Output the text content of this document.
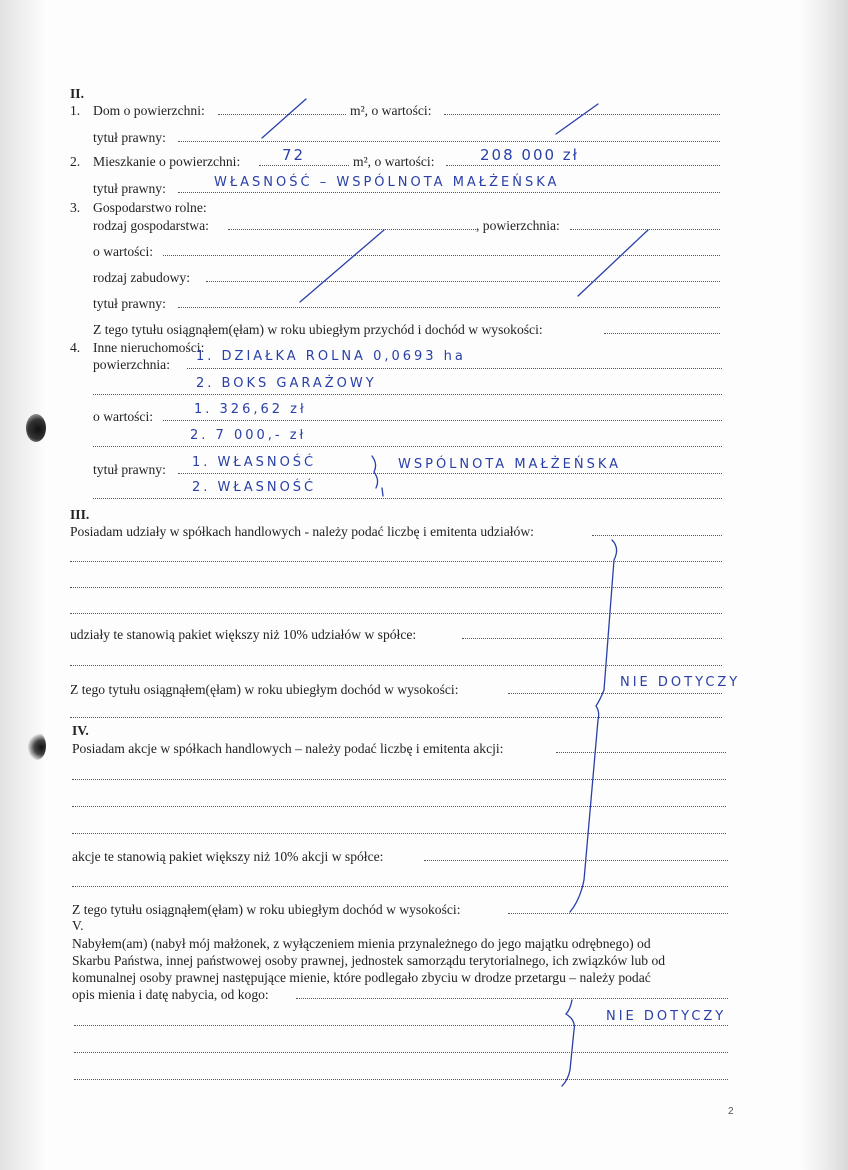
II.
1. Dom o powierzchni:	m², o wartości:
tytuł prawny:
2. Mieszkanie o powierzchni:	72	m², o wartości:	208 000 zł
tytuł prawny:	WŁASNOŚĆ – WSPÓLNOTA MAŁŻEŃSKA
3. Gospodarstwo rolne:
rodzaj gospodarstwa:	, powierzchnia:
o wartości:
rodzaj zabudowy:
tytuł prawny:
Z tego tytułu osiągnąłem(ęłam) w roku ubiegłym przychód i dochód w wysokości:
4. Inne nieruchomości:
powierzchnia:
1. DZIAŁKA ROLNA 0,0693 ha
2. BOKS GARAŻOWY
o wartości:	1. 326,62 zł
2. 7 000,- zł
tytuł prawny: 1. WŁASNOŚĆ	WSPÓLNOTA MAŁŻEŃSKA
2. WŁASNOŚĆ
III.
Posiadam udziały w spółkach handlowych - należy podać liczbę i emitenta udziałów:
udziały te stanowią pakiet większy niż 10% udziałów w spółce:
Z tego tytułu osiągnąłem(ęłam) w roku ubiegłym dochód w wysokości:	NIE DOTYCZY
IV.
Posiadam akcje w spółkach handlowych – należy podać liczbę i emitenta akcji:
akcje te stanowią pakiet większy niż 10% akcji w spółce:
Z tego tytułu osiągnąłem(ęłam) w roku ubiegłym dochód w wysokości:
V.
Nabyłem(am) (nabył mój małżonek, z wyłączeniem mienia przynależnego do jego majątku odrębnego) od
Skarbu Państwa, innej państwowej osoby prawnej, jednostek samorządu terytorialnego, ich związków lub od
komunalnej osoby prawnej następujące mienie, które podlegało zbyciu w drodze przetargu – należy podać
opis mienia i datę nabycia, od kogo:
NIE DOTYCZY
2
